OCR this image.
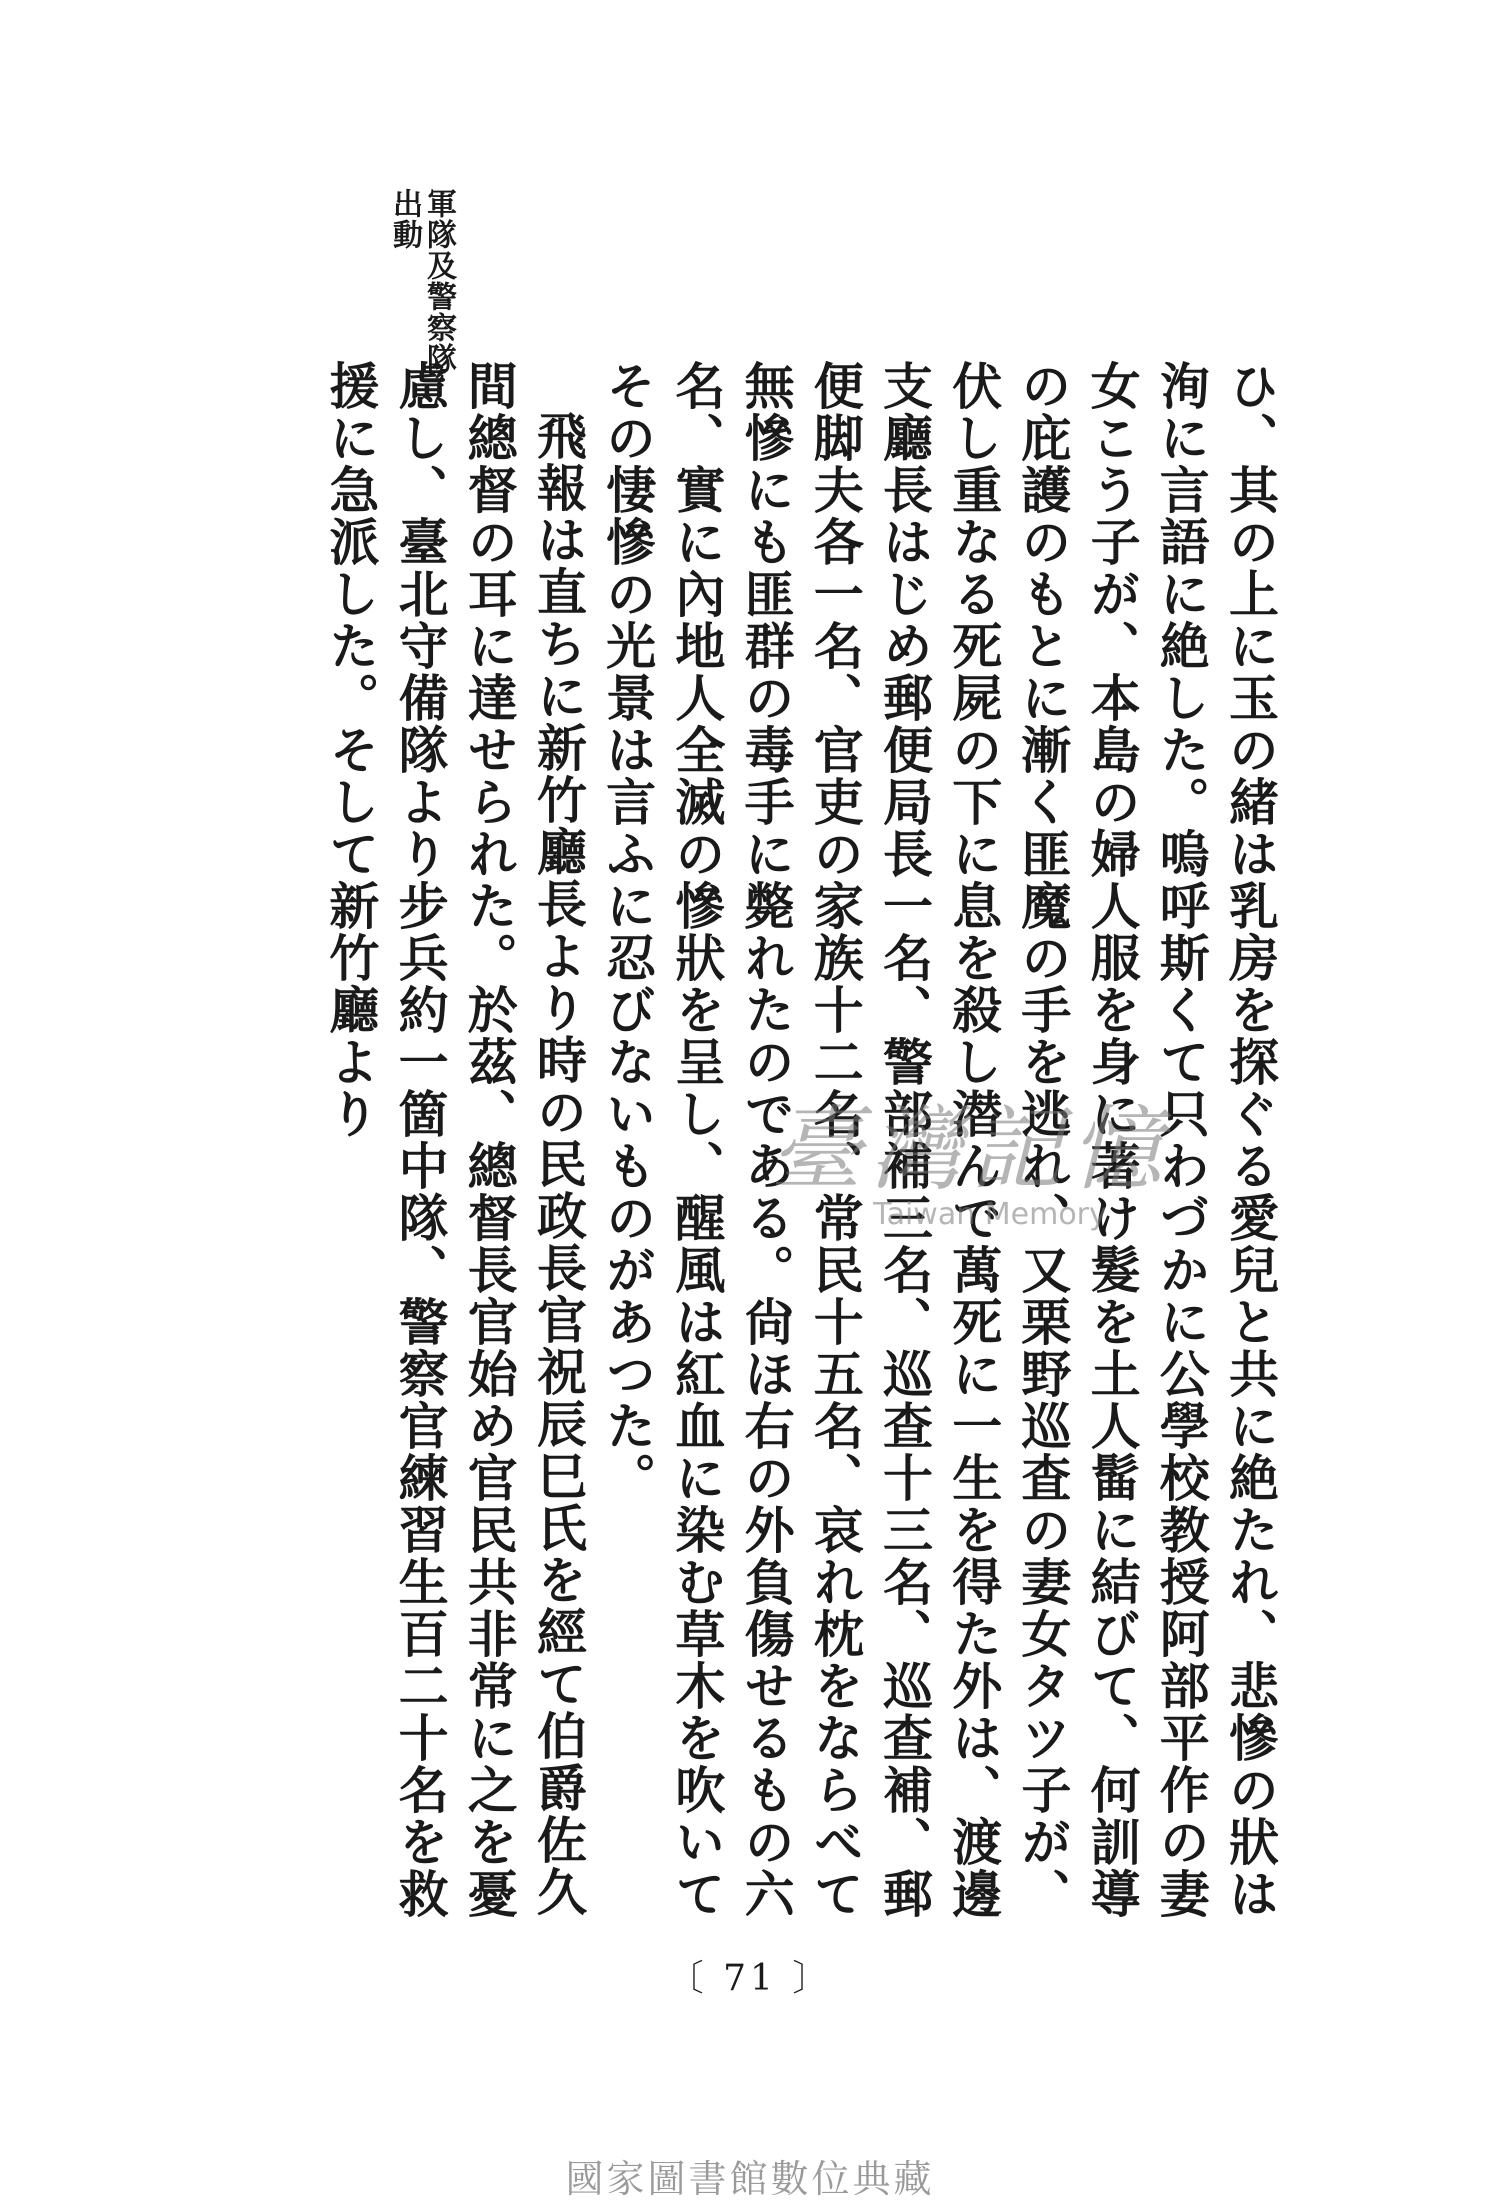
軍隊及警察隊出動

ひ、其の上に玉の緒は乳房を探ぐる愛兒と共に絶たれ、悲慘の狀は洵に言語に絶した。嗚呼斯くて只わづかに公學校教授阿部平作の妻女こう子が、本島の婦人服を身に著け髮を土人髷に結びて、何訓導の庇護のもとに漸く匪魔の手を逃れ、又栗野巡査の妻女タツ子が、伏し重なる死屍の下に息を殺し潜んで萬死に一生を得た外は、渡邊支廳長はじめ郵便局長一名、警部補三名、巡查十三名、巡查補、郵便脚夫各一名、官吏の家族十二名、常民十五名、哀れ枕をならべて無慘にも匪群の毒手に斃れたのである。尙ほ右の外負傷せるもの六名、實に內地人全滅の慘狀を呈し、醒風は紅血に染む草木を吹いてその悽慘の光景は言ふに忍びないものがあつた。

飛報は直ちに新竹廳長より時の民政長官祝辰巳氏を經て伯爵佐久間總督の耳に達せられた。於茲、總督長官始め官民共非常に之を憂慮し、臺北守備隊より步兵約一箇中隊、警察官練習生百二十名を救援に急派した。そして新竹廳より

臺灣記憶
Taiwan Memory
〔 71 〕
國家圖書館數位典藏
